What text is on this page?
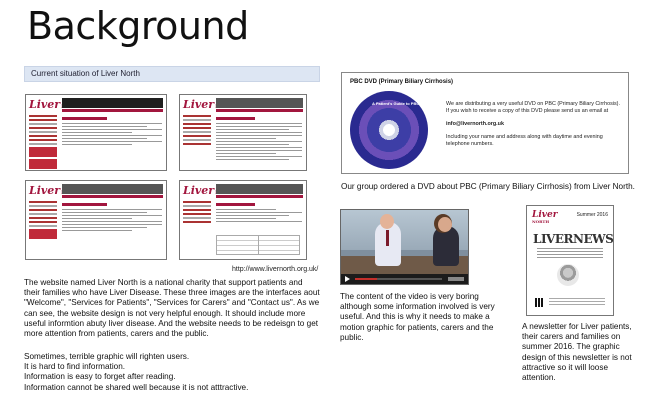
Background
Current situation of Liver North
Liver	Liver
Liver	Liver
http://www.livernorth.org.uk/
The website named Liver North is a national charity that support patients and their families who have Liver Disease. These three images are the interfaces aout "Welcome", "Services for Patients", "Services for Carers" and "Contact us". As we can see, the website design is not very helpful enough. It should include more useful informtion abuty liver disease. And the website needs to be redeisgn to get more attention from patients, carers and the public.
Sometimes, terrible graphic will righten users.
It is hard to find information.
Information is easy to forget after reading.
Information cannot be shared well because it is not atttractive.
PBC DVD (Primary Biliary Cirrhosis)
A Patient's Guide to PBC	We are distributing a very useful DVD on PBC (Primary Biliary Cirrhosis). If you wish to receive a copy of this DVD please send us an email at

info@livernorth.org.uk

Including your name and address along with daytime and evening telephone numbers.

Our group ordered a DVD about PBC (Primary Biliary Cirrhosis) from Liver North.
The content of the video is very boring although some information involved is very useful. And this is why it needs to make a motion graphic for patients, carers and the public.
Liver
NORTH
Summer 2016
LIVERNEWS
A newsletter for Liver patients, their carers and families on summer 2016. The graphic design of this newsletter is not attractive so it will loose attention.
